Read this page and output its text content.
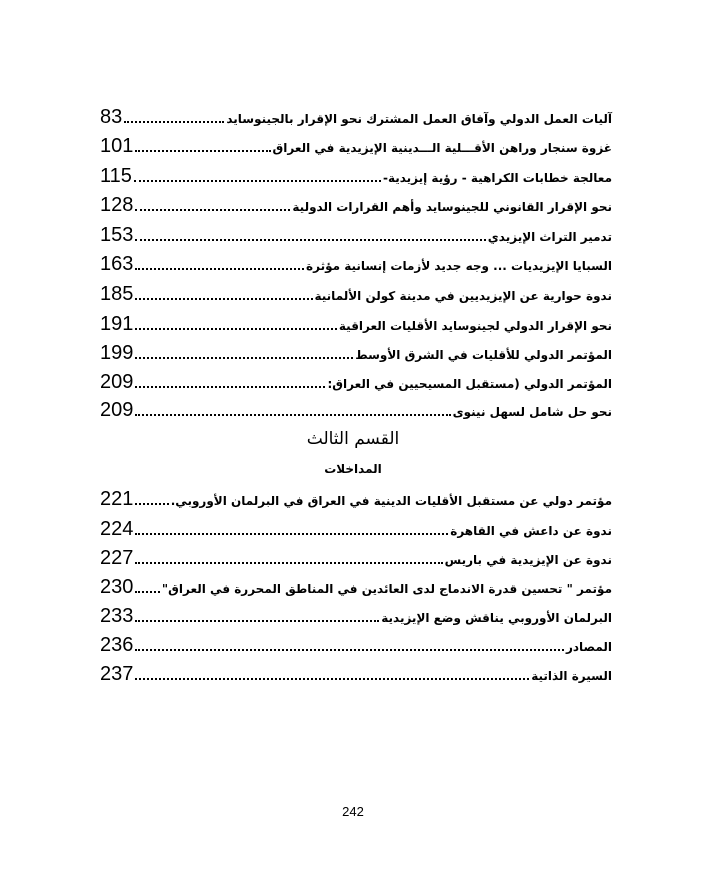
آليات العمل الدولي وآفاق العمل المشترك نحو الإقرار بالجينوسايد
83
غزوة سنجار وراهن الأقـــلية الـــدينية الإيزيدية في العراق
101
معالجة خطابات الكراهية - رؤية إيزيدية-
115
نحو الإقرار القانوني للجينوسايد وأهم القرارات الدولية
128
تدمير التراث الإيزيدي
153
السبايا الإيزيديات ... وجه جديد لأزمات إنسانية مؤثرة
163
ندوة حوارية عن الإيزيديين في مدينة كولن الألمانية
185
نحو الإقرار الدولي لجينوسايد الأقليات العراقية
191
المؤتمر الدولي للأقليات في الشرق الأوسط
199
المؤتمر الدولي (مستقبل المسيحيين في العراق:
209
نحو حل شامل لسهل نينوى
209
القسم الثالث
المداخلات
مؤتمر دولي عن مستقبل الأقليات الدينية في العراق في البرلمان الأوروبي.
221
ندوة عن داعش في القاهرة
224
ندوة عن الإيزيدية في باريس
227
مؤتمر " تحسين قدرة الاندماج لدى العائدين في المناطق المحررة في العراق"
230
البرلمان الأوروبي يناقش وضع الإيزيدية
233
المصادر
236
السيرة الذاتية
237
242
